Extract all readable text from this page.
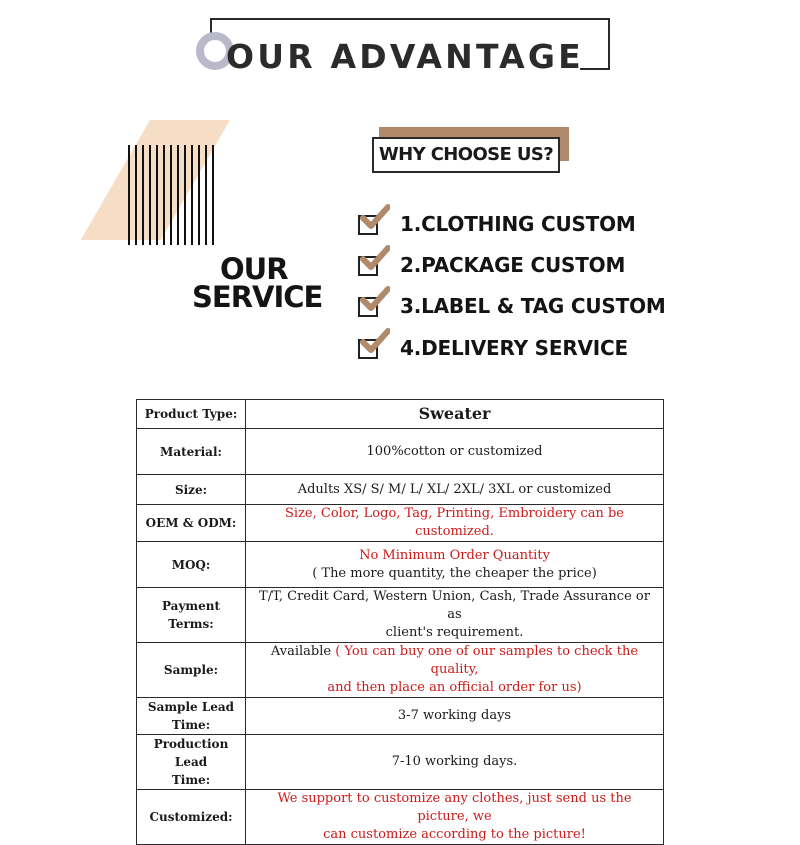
OUR ADVANTAGE
OUR
SERVICE
WHY CHOOSE US?
1.CLOTHING CUSTOM
2.PACKAGE CUSTOM
3.LABEL & TAG CUSTOM
4.DELIVERY SERVICE
Product Type:	Sweater
Material:	100%cotton or customized
Size:	Adults XS/ S/ M/ L/ XL/ 2XL/ 3XL or customized
OEM & ODM:	Size, Color, Logo, Tag, Printing, Embroidery can be customized.
MOQ:	No Minimum Order Quantity
( The more quantity, the cheaper the price)

Payment Terms:	T/T, Credit Card, Western Union, Cash, Trade Assurance or as
client's requirement.

Sample:	Available ( You can buy one of our samples to check the quality,
and then place an official order for us)

Sample Lead
Time:	3-7 working days

Production Lead
Time:	7-10 working days.
Customized:	We support to customize any clothes, just send us the picture, we
can customize according to the picture!
